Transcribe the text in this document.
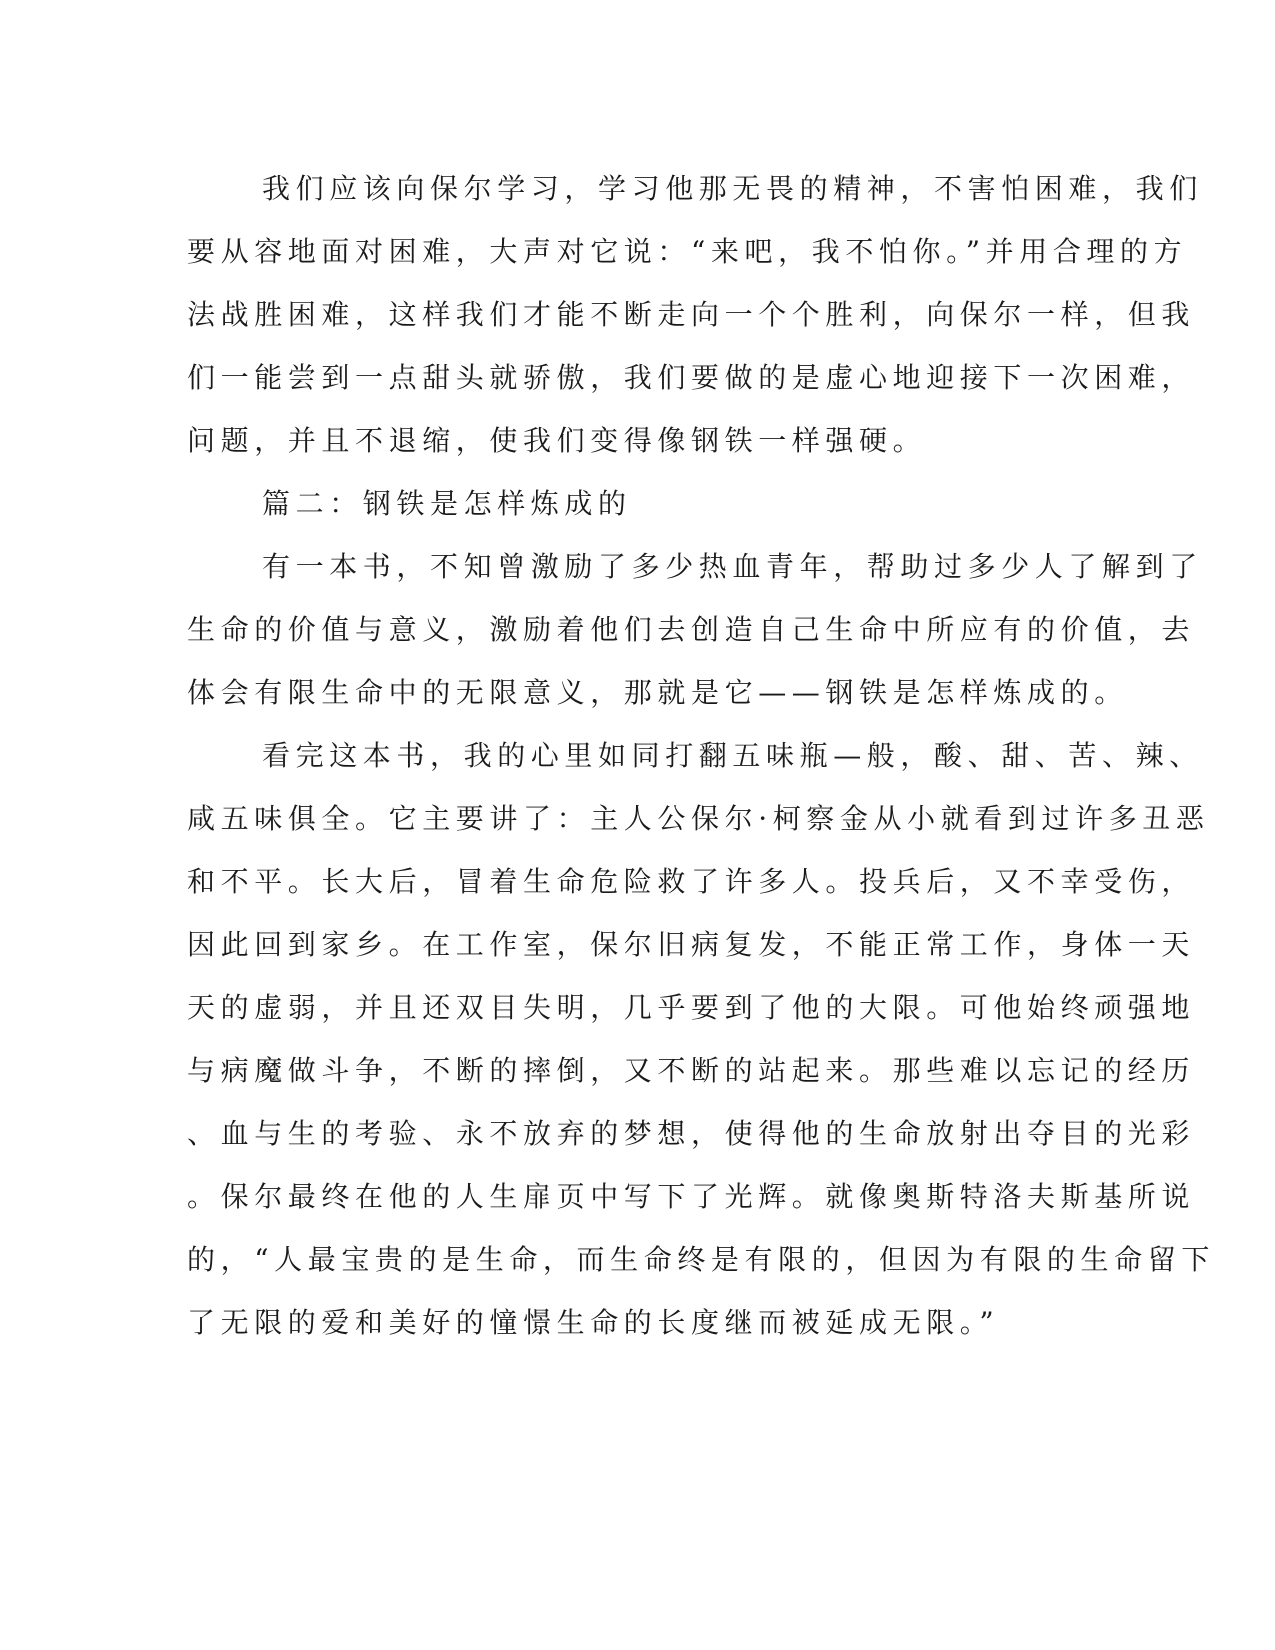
我们应该向保尔学习，学习他那无畏的精神，不害怕困难，我们
要从容地面对困难，大声对它说：“来吧，我不怕你。”并用合理的方
法战胜困难，这样我们才能不断走向一个个胜利，向保尔一样，但我
们一能尝到一点甜头就骄傲，我们要做的是虚心地迎接下一次困难，
问题，并且不退缩，使我们变得像钢铁一样强硬。
篇二：钢铁是怎样炼成的
有一本书，不知曾激励了多少热血青年，帮助过多少人了解到了
生命的价值与意义，激励着他们去创造自己生命中所应有的价值，去
体会有限生命中的无限意义，那就是它——钢铁是怎样炼成的。
看完这本书，我的心里如同打翻五味瓶—般，酸、甜、苦、辣、
咸五味俱全。它主要讲了：主人公保尔·柯察金从小就看到过许多丑恶
和不平。长大后，冒着生命危险救了许多人。投兵后，又不幸受伤，
因此回到家乡。在工作室，保尔旧病复发，不能正常工作，身体一天
天的虚弱，并且还双目失明，几乎要到了他的大限。可他始终顽强地
与病魔做斗争，不断的摔倒，又不断的站起来。那些难以忘记的经历
、血与生的考验、永不放弃的梦想，使得他的生命放射出夺目的光彩
。保尔最终在他的人生扉页中写下了光辉。就像奥斯特洛夫斯基所说
的，“人最宝贵的是生命，而生命终是有限的，但因为有限的生命留下
了无限的爱和美好的憧憬生命的长度继而被延成无限。”
